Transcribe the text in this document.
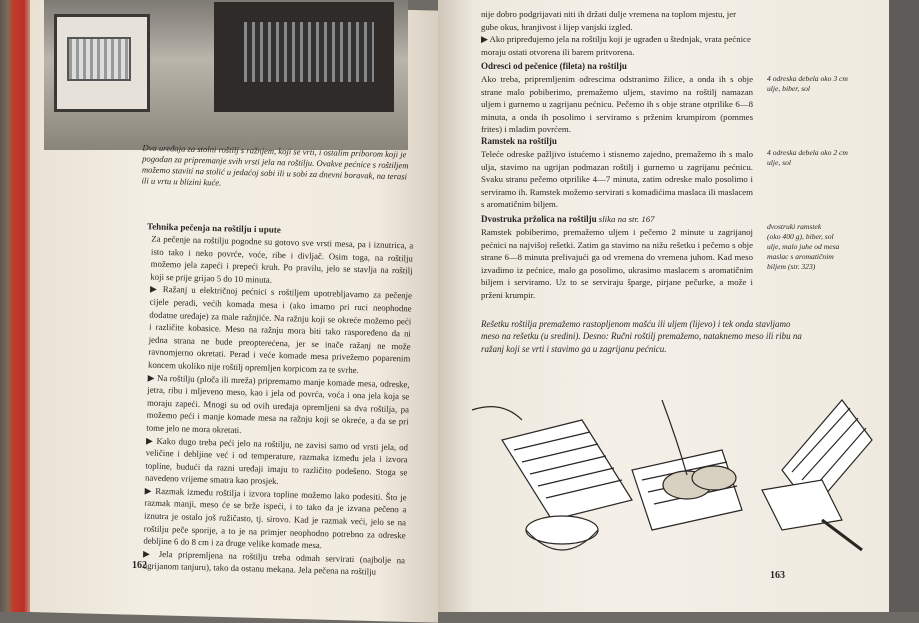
Dva uređaja za stolni roštilj s ražnjem, koji se vrti, i ostalim priborom koji je pogodan za pripremanje svih vrsti jela na roštilju. Ovakve pećnice s roštiljem možemo stavití na stolić u jedaćoj sobi ili u sobi za dnevni boravak, na terasi ili u vrtu u blizini kuće.
Tehnika pečenja na roštilju i upute
Za pečenje na roštilju pogodne su gotovo sve vrsti mesa, pa i iznutrica, a isto tako i neko povrće, voće, ribe i divljač. Osim toga, na roštilju možemo jela zapeći i prepeći kruh. Po pravilu, jelo se stavlja na roštilj koji se prije grijao 5 do 10 minuta.
▶ Ražanj u električnoj pećnici s roštiljem upotrebljavamo za pečenje cijele peradi, većih komada mesa i (ako imamo pri ruci neophodne dodatne uređaje) za male ražnjiće. Na ražnju koji se okreće možemo peći i različite kobasice. Meso na ražnju mora biti tako raspoređeno da ni jedna strana ne bude preopterećena, jer se inače ražanj ne može ravnomjerno okretati. Perad i veće komade mesa privežemo poparenim koncem ukoliko nije roštilj opremljen korpicom za te svrhe.
▶ Na roštilju (ploča ili mreža) pripremamo manje komade mesa, odreske, jetra, ribu i mljeveno meso, kao i jela od povrća, voća i ona jela koja se moraju zapeći. Mnogi su od ovih uređaja opremljeni sa dva roštilja, pa možemo peći i manje komade mesa na ražnju koji se okreće, a da se pri tome jelo ne mora okretati.
▶ Kako dugo treba peći jelo na roštilju, ne zavisi samo od vrsti jela, od veličine i debljine već i od temperature, razmaka između jela i izvora topline, budući da razni uređaji imaju to različito podešeno. Stoga se navedeno vrijeme smatra kao prosjek.
▶ Razmak između roštilja i izvora topline možemo lako podesiti. Što je razmak manji, meso će se brže ispeći, i to tako da je izvana pečeno a iznutra je ostalo još ružičasto, tj. sirovo. Kad je razmak veći, jelo se na roštilju peče sporije, a to je na primjer neophodno potrebno za odreske debljine 6 do 8 cm i za druge velike komade mesa.
▶ Jela pripremljena na roštilju treba odmah servirati (najbolje na ugrijanom tanjuru), tako da ostanu mekana. Jela pečena na roštilju
162
nije dobro podgrijavati niti ih držati dulje vremena na toplom mjestu, jer gube okus, hranjivost i lijep vanjski izgled.
▶ Ako pripređujemo jela na roštilju koji je ugrađen u štednjak, vrata pećnice moraju ostati otvorena ili barem pritvorena.
Odresci od pečenice (fileta) na roštilju
Ako treba, pripremljenim odrescima odstranimo žilice, a onda ih s obje strane malo pobiberimo, premažemo uljem, stavimo na roštilj namazan uljem i gurnemo u zagrijanu pećnicu. Pečemo ih s obje strane otprilike 6—8 minuta, a onda ih posolimo i serviramo s prženim krumpirom (pommes frites) i mladim povrćem.
4 odreska debela oko 3 cm
ulje, biber, sol
Ramstek na roštilju
Teleće odreske pažljivo istućemo i stisnemo zajedno, premažemo ih s malo ulja, stavimo na ugrijan podmazan roštilj i gurnemo u zagrijanu pećnicu. Svaku stranu pečemo otprilike 4—7 minuta, zatim odreske malo posolimo i serviramo ih. Ramstek možemo servirati s komadićima maslaca ili maslacem s aromatičnim biljem.
4 odreska debela oko 2 cm
ulje, sol
Dvostruka pržolica na roštilju slika na str. 167
Ramstek pobiberimo, premažemo uljem i pečemo 2 minute u zagrijanoj pećnici na najvišoj rešetki. Zatim ga stavimo na nižu rešetku i pečemo s obje strane 6—8 minuta prelivajući ga od vremena do vremena juhom. Kad meso izvadimo iz pećnice, malo ga posolimo, ukrasimo maslacem s aromatičnim biljem i serviramo. Uz to se serviraju šparge, pirjane pečurke, a može i prženi krumpir.
dvostruki ramstek
(oko 400 g), biber, sol
ulje, malo juhe od mesa
maslac s aromatičnim
biljem (str. 323)
Rešetku roštilja premažemo rastopljenom mašću ili uljem (lijevo) i tek onda stavljamo meso na rešetku (u sredini). Desno: Ručni roštilj premažemo, nataknemo meso ili ribu na ražanj koji se vrti i stavimo ga u zagrijanu pećnicu.
163
